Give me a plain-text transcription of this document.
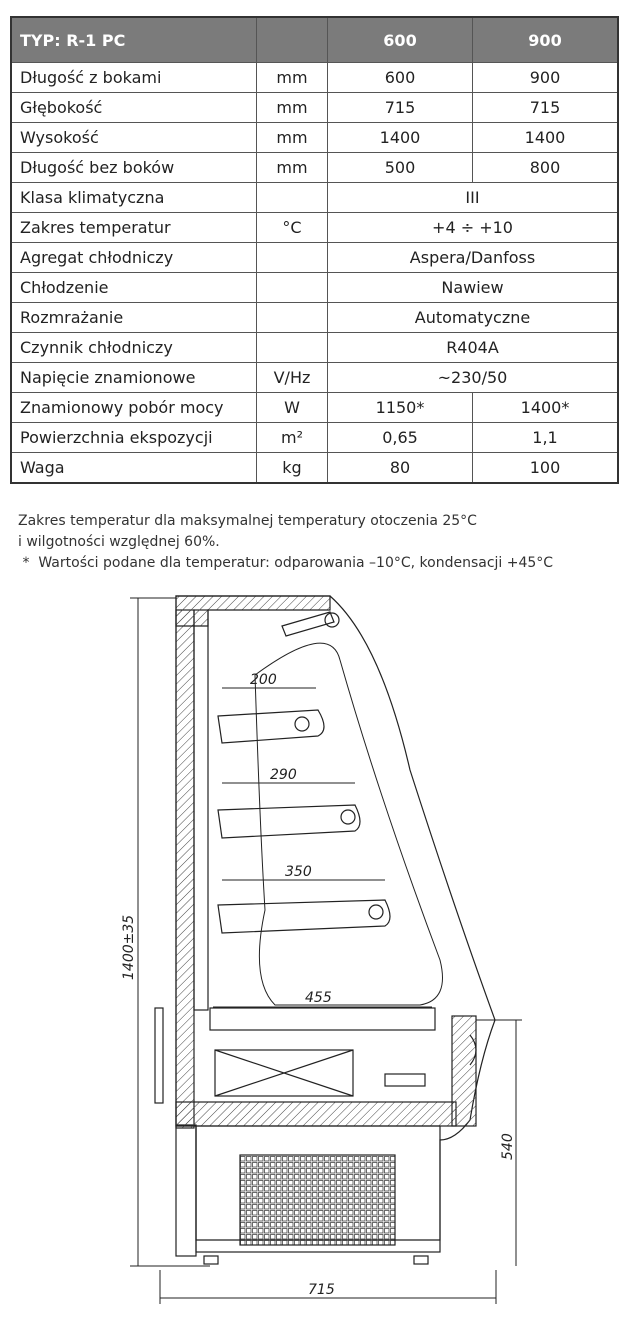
TYP: R-1 PC		600	900
Długość z bokami	mm	600	900
Głębokość	mm	715	715
Wysokość	mm	1400	1400
Długość bez boków	mm	500	800
Klasa klimatyczna		III	
Zakres temperatur	°C	+4 ÷ +10	
Agregat chłodniczy		Aspera/Danfoss	
Chłodzenie		Nawiew	
Rozmrażanie		Automatyczne	
Czynnik chłodniczy		R404A	
Napięcie znamionowe	V/Hz	~230/50	
Znamionowy pobór mocy	W	1150*	1400*
Powierzchnia ekspozycji	m²	0,65	1,1
Waga	kg	80	100
Zakres temperatur dla maksymalnej temperatury otoczenia 25°C
i wilgotności względnej 60%.
*  Wartości podane dla temperatur: odparowania –10°C, kondensacji +45°C
200
290
350
455
1400±35
540
715
